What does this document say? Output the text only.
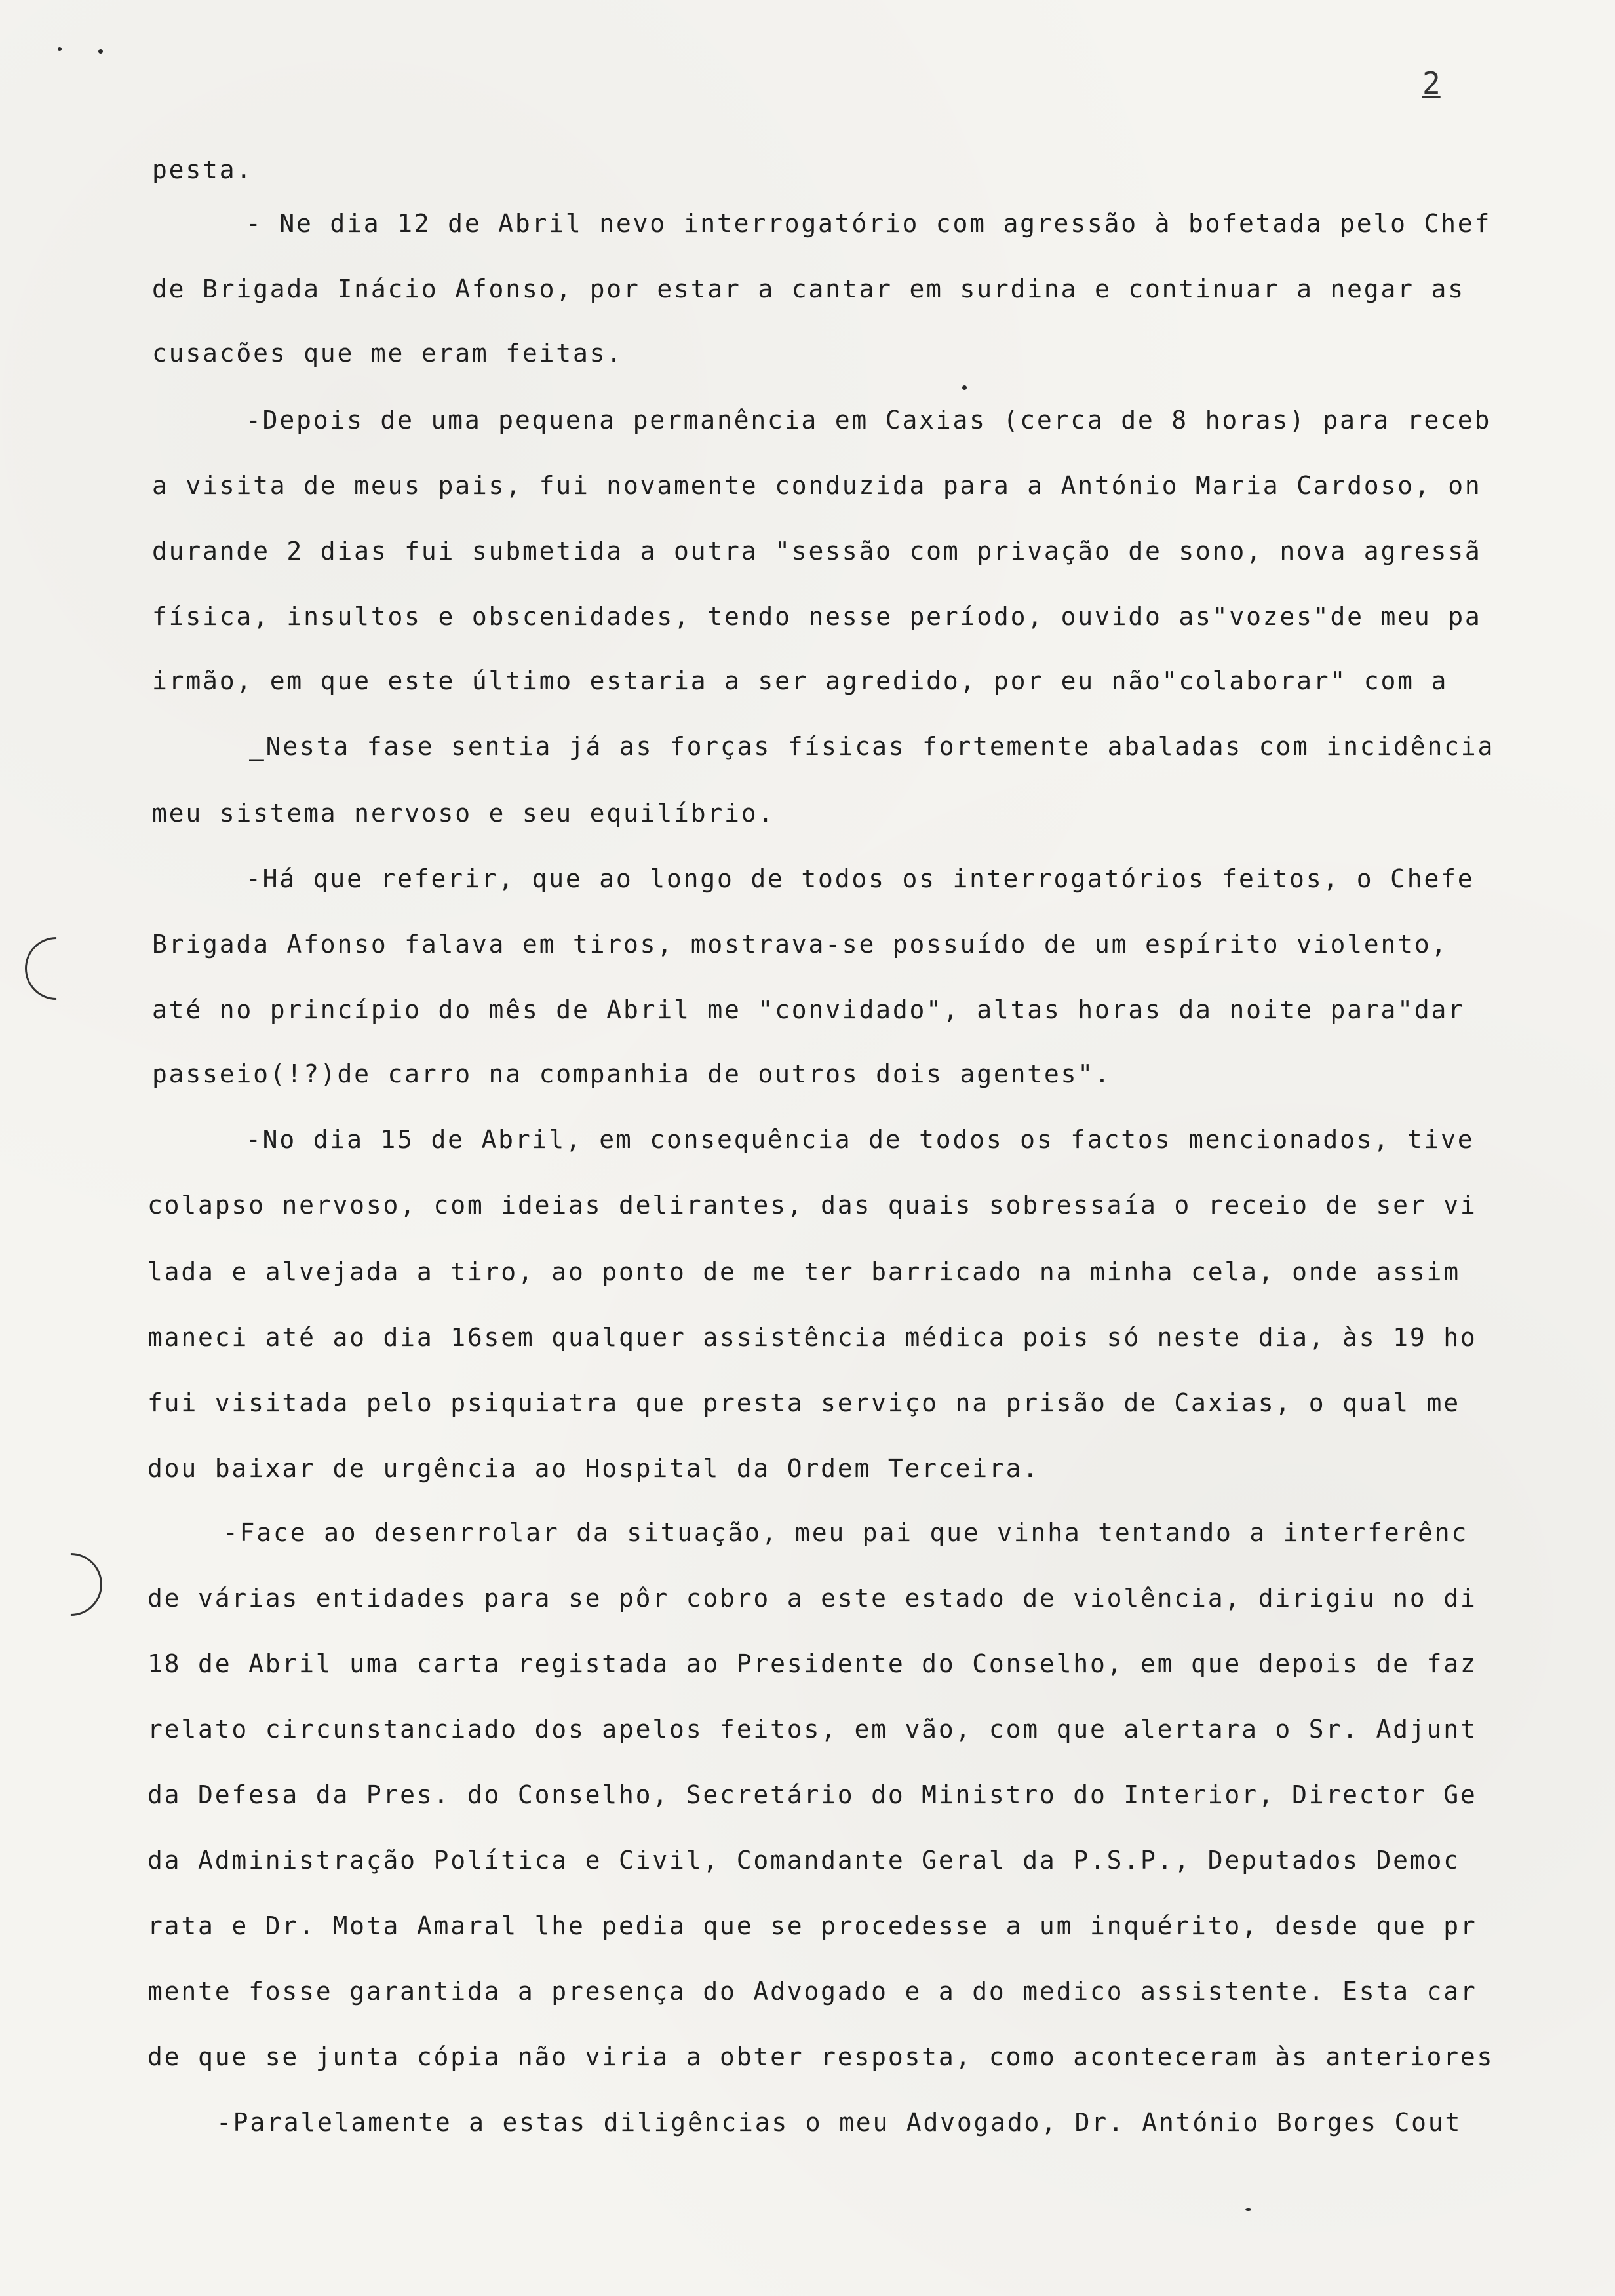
2
pesta.
- Ne dia 12 de Abril nevo interrogatório com agressão à bofetada pelo Chef
de Brigada Inácio Afonso, por estar a cantar em surdina e continuar a negar as
cusacões que me eram feitas.
-Depois de uma pequena permanência em Caxias (cerca de 8 horas) para receb
a visita de meus pais, fui novamente conduzida para a António Maria Cardoso, on
durande 2 dias fui submetida a outra "sessão com privação de sono, nova agressã
física, insultos e obscenidades, tendo nesse período, ouvido as"vozes"de meu pa
irmão, em que este último estaria a ser agredido, por eu não"colaborar" com a
_Nesta fase sentia já as forças físicas fortemente abaladas com incidência
meu sistema nervoso e seu equilíbrio.
-Há que referir, que ao longo de todos os interrogatórios feitos, o Chefe
Brigada Afonso falava em tiros, mostrava-se possuído de um espírito violento,
até no princípio do mês de Abril me "convidado", altas horas da noite para"dar
passeio(!?)de carro na companhia de outros dois agentes".
-No dia 15 de Abril, em consequência de todos os factos mencionados, tive
colapso nervoso, com ideias delirantes, das quais sobressaía o receio de ser vi
lada e alvejada a tiro, ao ponto de me ter barricado na minha cela, onde assim
maneci até ao dia 16sem qualquer assistência médica pois só neste dia, às 19 ho
fui visitada pelo psiquiatra que presta serviço na prisão de Caxias, o qual me
dou baixar de urgência ao Hospital da Ordem Terceira.
-Face ao desenrrolar da situação, meu pai que vinha tentando a interferênc
de várias entidades para se pôr cobro a este estado de violência, dirigiu no di
18 de Abril uma carta registada ao Presidente do Conselho, em que depois de faz
relato circunstanciado dos apelos feitos, em vão, com que alertara o Sr. Adjunt
da Defesa da Pres. do Conselho, Secretário do Ministro do Interior, Director Ge
da Administração Política e Civil, Comandante Geral da P.S.P., Deputados Democ
rata e Dr. Mota Amaral lhe pedia que se procedesse a um inquérito, desde que pr
mente fosse garantida a presença do Advogado e a do medico assistente. Esta car
de que se junta cópia não viria a obter resposta, como aconteceram às anteriores
-Paralelamente a estas diligências o meu Advogado, Dr. António Borges Cout
